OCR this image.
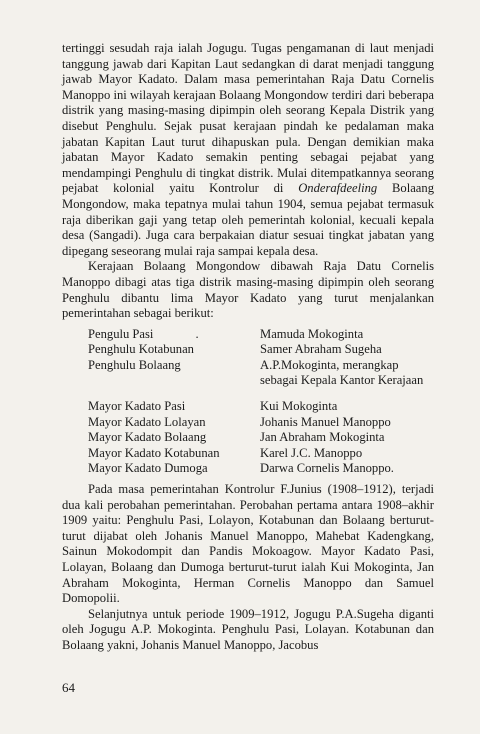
tertinggi sesudah raja ialah Jogugu. Tugas pengamanan di laut menjadi tanggung jawab dari Kapitan Laut sedangkan di darat menjadi tanggung jawab Mayor Kadato. Dalam masa pemerintahan Raja Datu Cornelis Manoppo ini wilayah kerajaan Bolaang Mongondow terdiri dari beberapa distrik yang masing-masing dipimpin oleh seorang Kepala Distrik yang disebut Penghulu. Sejak pusat kerajaan pindah ke pedalaman maka jabatan Kapitan Laut turut dihapuskan pula. Dengan demikian maka jabatan Mayor Kadato semakin penting sebagai pejabat yang mendampingi Penghulu di tingkat distrik. Mulai ditempatkannya seorang pejabat kolonial yaitu Kontrolur di Onderafdeeling Bolaang Mongondow, maka tepatnya mulai tahun 1904, semua pejabat termasuk raja diberikan gaji yang tetap oleh pemerintah kolonial, kecuali kepala desa (Sangadi). Juga cara berpakaian diatur sesuai tingkat jabatan yang dipegang seseorang mulai raja sampai kepala desa.

Kerajaan Bolaang Mongondow dibawah Raja Datu Cornelis Manoppo dibagi atas tiga distrik masing-masing dipimpin oleh seorang Penghulu dibantu lima Mayor Kadato yang turut menjalankan pemerintahan sebagai berikut:

Pengulu Pasi	.	Mamuda Mokoginta
Penghulu Kotabunan	Samer Abraham Sugeha
Penghulu Bolaang	A.P.Mokoginta, merangkap sebagai Kepala Kantor Kerajaan
Mayor Kadato Pasi	Kui Mokoginta
Mayor Kadato Lolayan	Johanis Manuel Manoppo
Mayor Kadato Bolaang	Jan Abraham Mokoginta
Mayor Kadato Kotabunan	Karel J.C. Manoppo
Mayor Kadato Dumoga	Darwa Cornelis Manoppo.

Pada masa pemerintahan Kontrolur F.Junius (1908–1912), terjadi dua kali perobahan pemerintahan. Perobahan pertama antara 1908–akhir 1909 yaitu: Penghulu Pasi, Lolayon, Kotabunan dan Bolaang berturut-turut dijabat oleh Johanis Manuel Manoppo, Mahebat Kadengkang, Sainun Mokodompit dan Pandis Mokoagow. Mayor Kadato Pasi, Lolayan, Bolaang dan Dumoga berturut-turut ialah Kui Mokoginta, Jan Abraham Mokoginta, Herman Cornelis Manoppo dan Samuel Domopolii.

Selanjutnya untuk periode 1909–1912, Jogugu P.A.Sugeha diganti oleh Jogugu A.P. Mokoginta. Penghulu Pasi, Lolayan. Kotabunan dan Bolaang yakni, Johanis Manuel Manoppo, Jacobus

64
